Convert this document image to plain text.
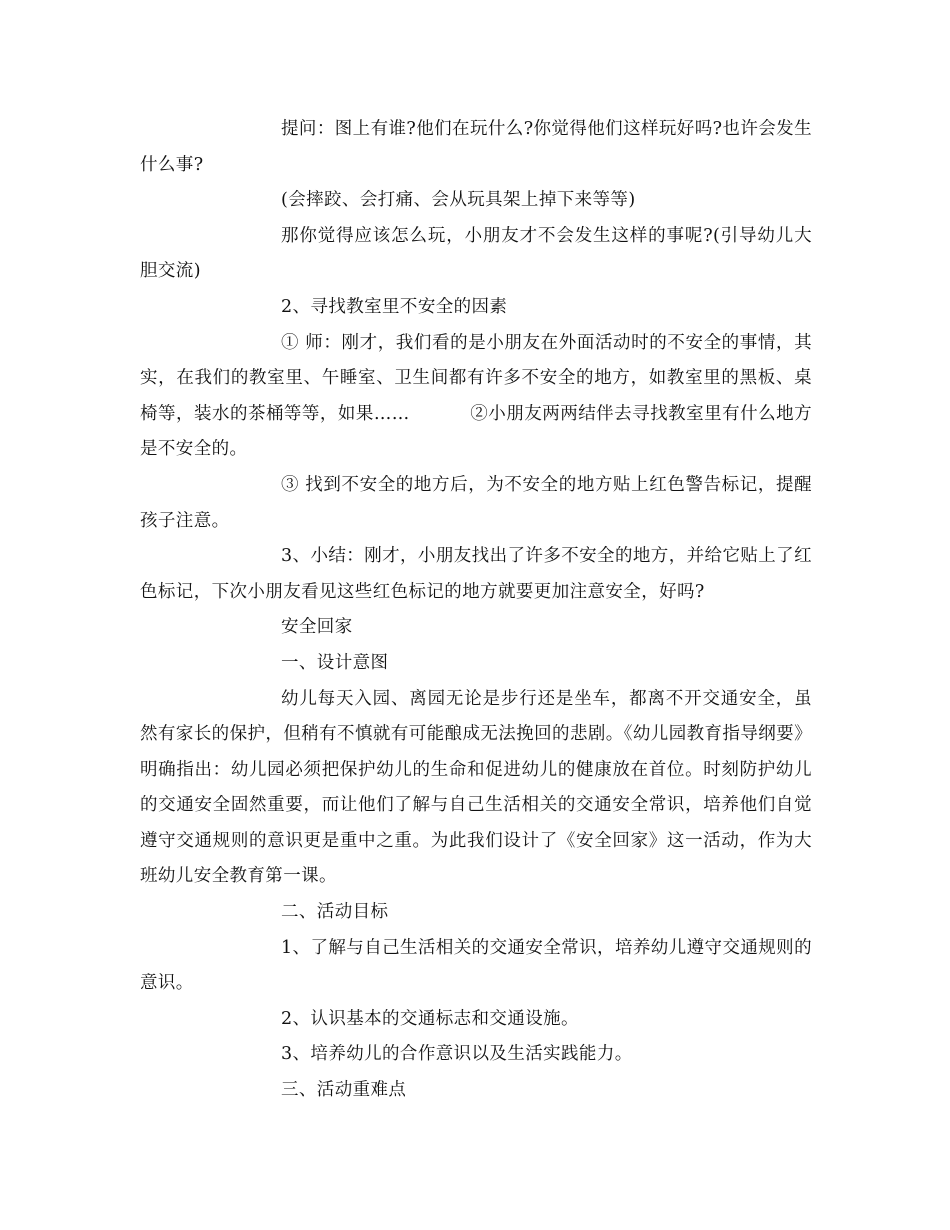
提问：图上有谁?他们在玩什么?你觉得他们这样玩好吗?也许会发生什么事?

(会摔跤、会打痛、会从玩具架上掉下来等等)

那你觉得应该怎么玩，小朋友才不会发生这样的事呢?(引导幼儿大胆交流)

2、寻找教室里不安全的因素

① 师：刚才，我们看的是小朋友在外面活动时的不安全的事情，其实，在我们的教室里、午睡室、卫生间都有许多不安全的地方，如教室里的黑板、桌椅等，装水的茶桶等等，如果……          ②小朋友两两结伴去寻找教室里有什么地方是不安全的。

③ 找到不安全的地方后，为不安全的地方贴上红色警告标记，提醒孩子注意。

3、小结：刚才，小朋友找出了许多不安全的地方，并给它贴上了红色标记，下次小朋友看见这些红色标记的地方就要更加注意安全，好吗?

安全回家

一、设计意图

幼儿每天入园、离园无论是步行还是坐车，都离不开交通安全，虽然有家长的保护，但稍有不慎就有可能酿成无法挽回的悲剧。《幼儿园教育指导纲要》明确指出：幼儿园必须把保护幼儿的生命和促进幼儿的健康放在首位。时刻防护幼儿的交通安全固然重要，而让他们了解与自己生活相关的交通安全常识，培养他们自觉遵守交通规则的意识更是重中之重。为此我们设计了《安全回家》这一活动，作为大班幼儿安全教育第一课。

二、活动目标

1、了解与自己生活相关的交通安全常识，培养幼儿遵守交通规则的意识。

2、认识基本的交通标志和交通设施。

3、培养幼儿的合作意识以及生活实践能力。

三、活动重难点
